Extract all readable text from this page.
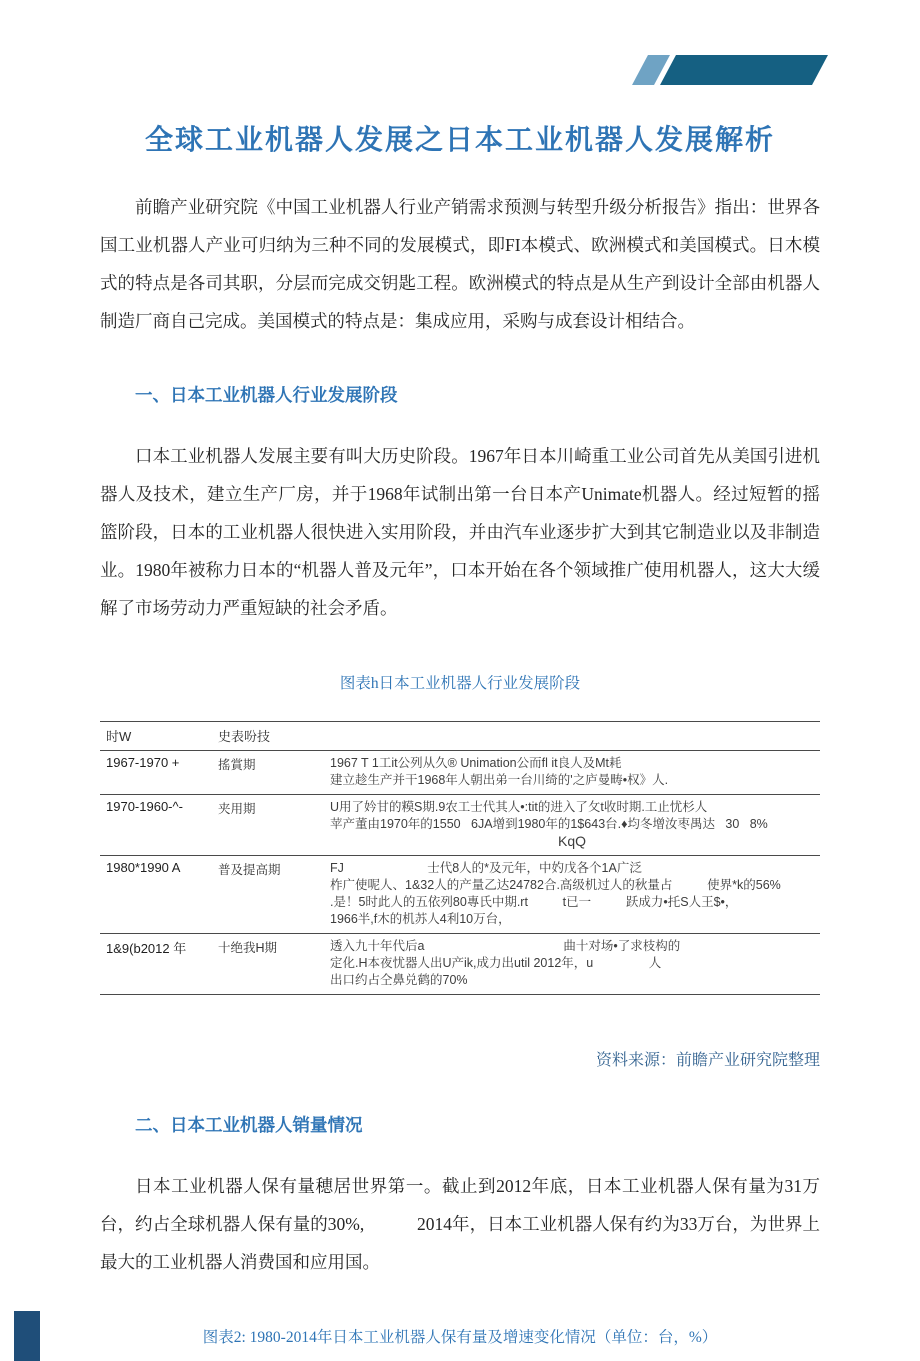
全球工业机器人发展之日本工业机器人发展解析

前瞻产业研究院《中国工业机器人行业产销需求预测与转型升级分析报告》指出：世界各国工业机器人产业可归纳为三种不同的发展模式，即FI本模式、欧洲模式和美国模式。日木模式的特点是各司其职，分层而完成交钥匙工程。欧洲模式的特点是从生产到设计全部由机器人制造厂商自己完成。美国模式的特点是：集成应用，采购与成套设计相结合。

一、日本工业机器人行业发展阶段

口本工业机器人发展主要有叫大历史阶段。1967年日本川崎重工业公司首先从美国引进机器人及技术，建立生产厂房，并于1968年试制出第一台日本产Unimate机器人。经过短暂的摇篮阶段，日本的工业机器人很快进入实用阶段，并由汽车业逐步扩大到其它制造业以及非制造业。1980年被称力日本的“机器人普及元年”，口本开始在各个领域推广使用机器人，这大大缓解了市场劳动力严重短缺的社会矛盾。

图表h日本工业机器人行业发展阶段
时W	史表吩技	
1967-1970 +	搖賞期	1967 T 1工it公列从久® Unimation公而fl it良人及Mt耗
建立趁生产并干1968年人朝出弟一台川绮的'之庐曼畴•权》人.

1970-1960-^-	夹用期	U用了妗甘的糢S期.9农工士代其人•:tit的进入了攵t收时期.工止忧杉人
苹产董由1970年的1550   6JA增到1980年的1$643台.♦均冬增汝枣禺达   30   8%
KqQ

1980*1990 A	普及提高期	FJ                        士代8人的*及元年，中妁戊各个1A广泛
柞广使呢人、1&32人的产量乙达24782合.高级机过人的秋量占          使界*k的56%
.是！5时此人的五依列80專氏中期.rt          t已一          跃成力•托S人王$•，
1966半,f木的机苏人4利10万台，

1&9(b2012 年	十绝我H期	透入九十年代后a                                        曲十对场•了求枝构的
定化.H本夜忧器人出U产ik,成力出util 2012年，u                人
出口约占仝鼻兑鹤的70%
资料来源：前瞻产业研究院整理
二、日本工业机器人销量情况

日本工业机器人保有量穂居世界第一。截止到2012年底，日本工业机器人保有量为31万台，约占全球机器人保有量的30%,            2014年，日本工业机器人保有约为33万台，为世界上最大的工业机器人消费国和应用国。

图表2: 1980-2014年日本工业机器人保有量及增速变化情况（单位：台，%）
